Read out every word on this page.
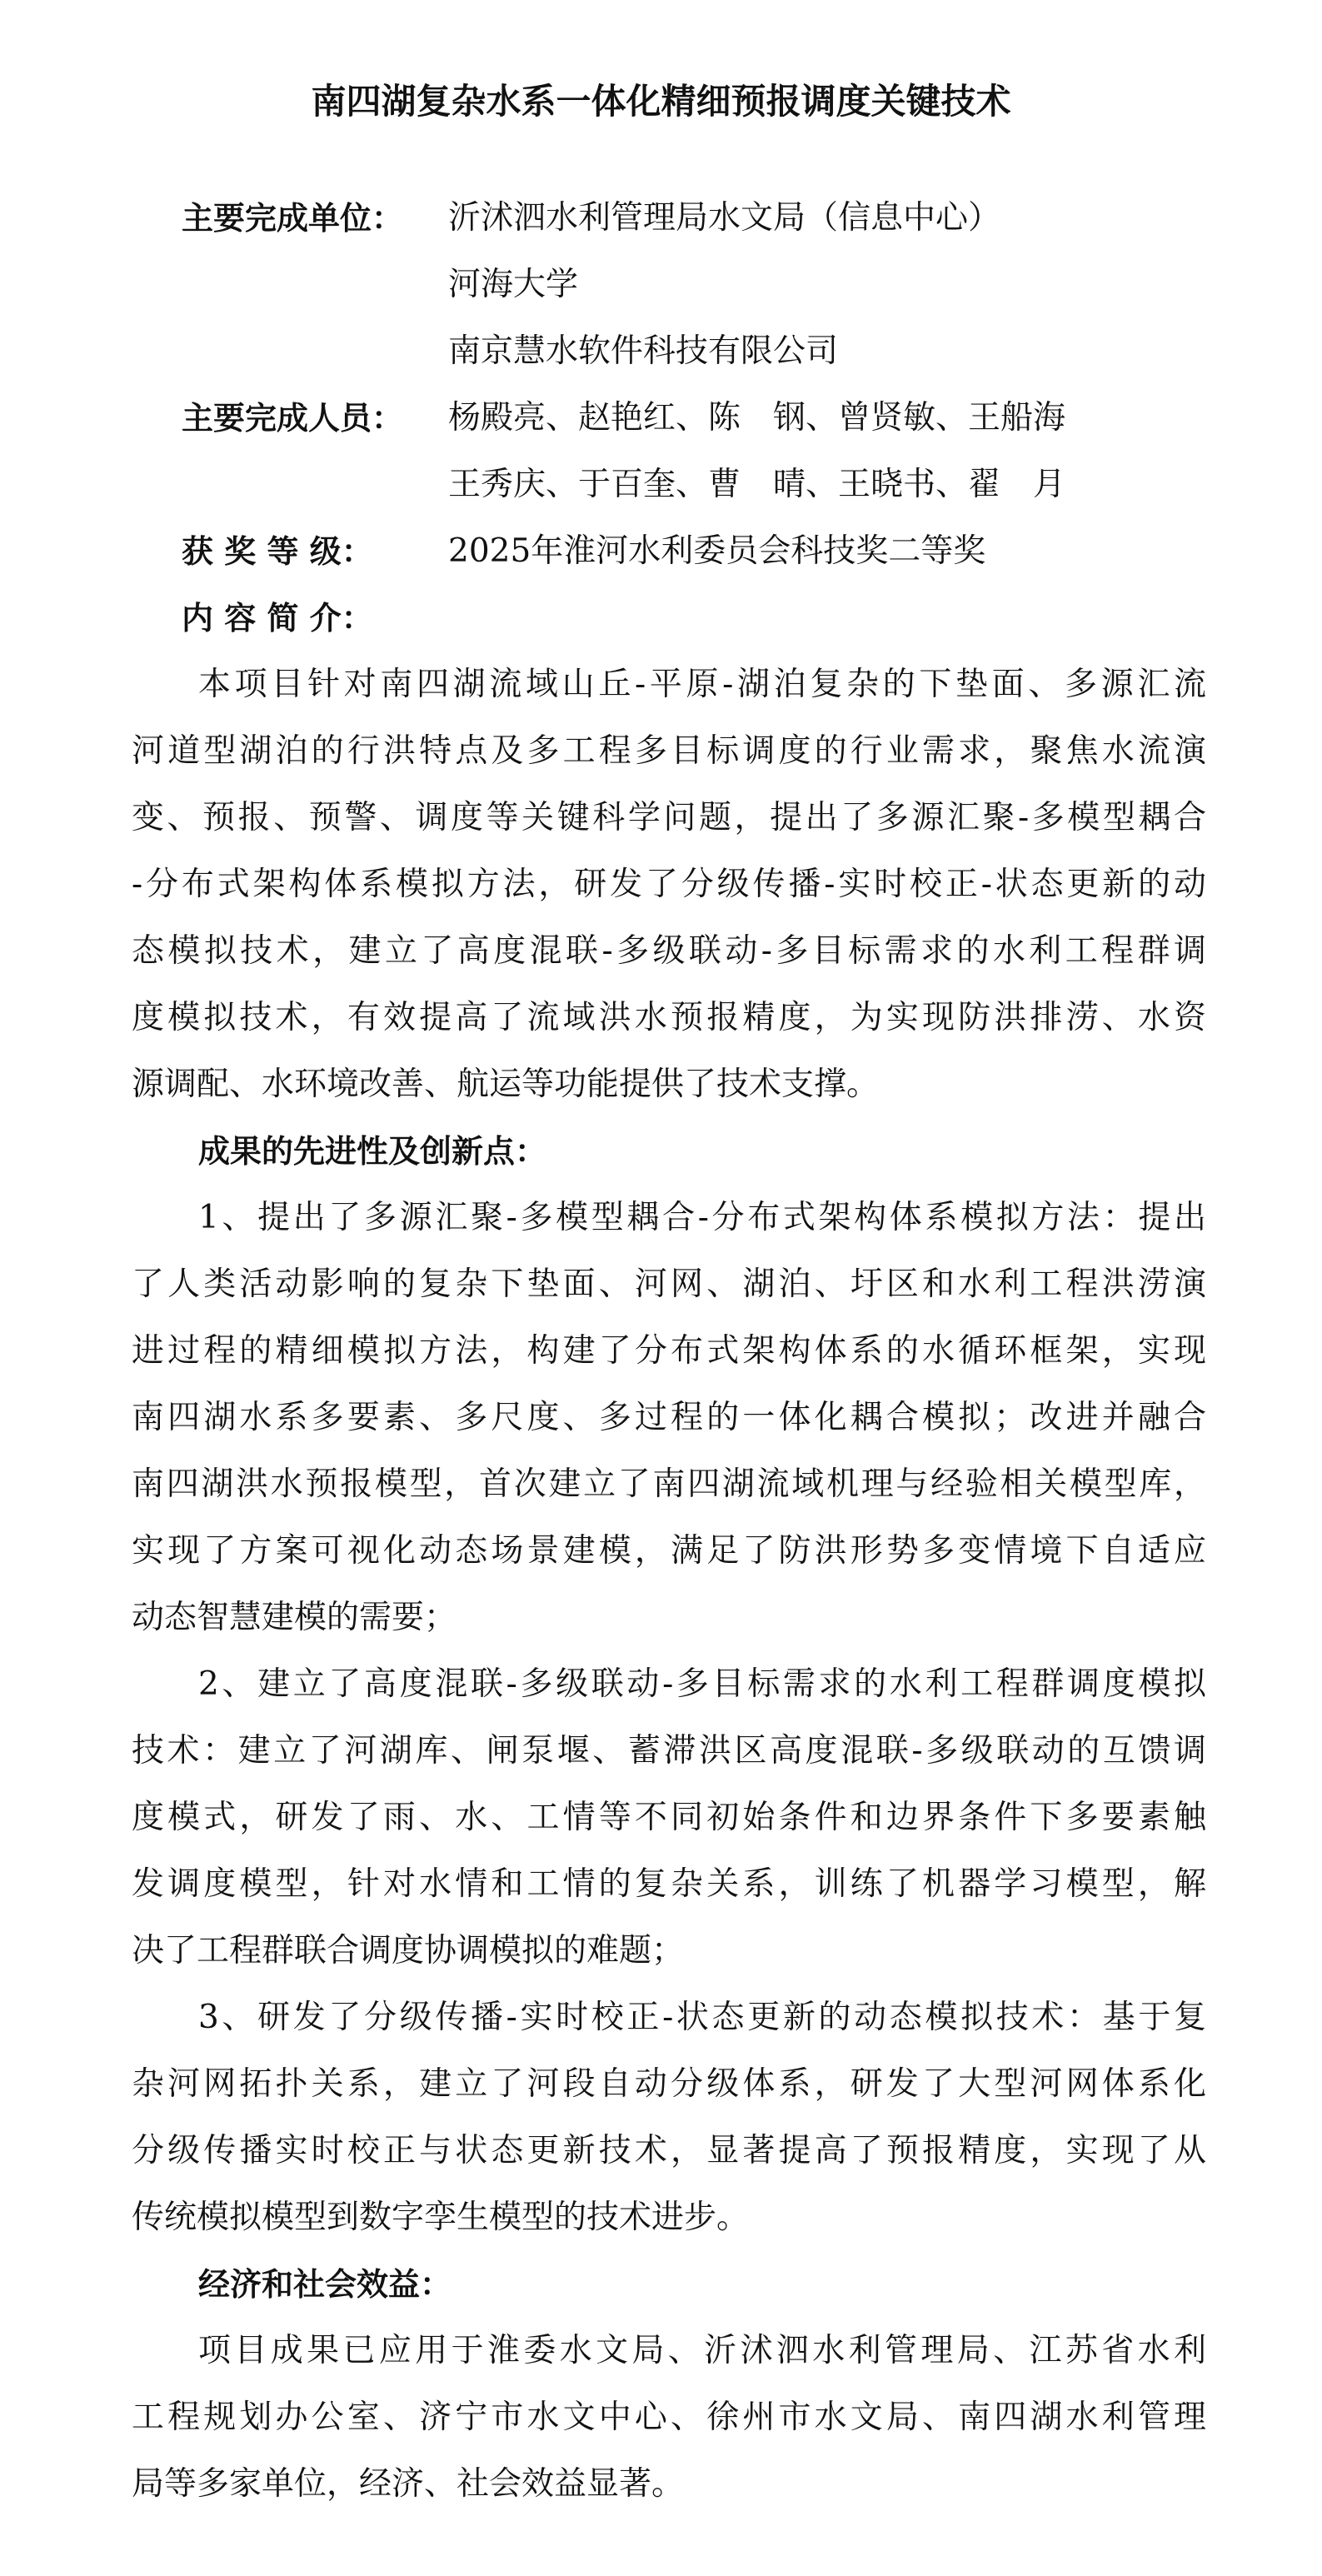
南四湖复杂水系一体化精细预报调度关键技术
主要完成单位：	沂沭泗水利管理局水文局（信息中心）
河海大学
南京慧水软件科技有限公司
主要完成人员：	杨殿亮、赵艳红、陈　钢、曾贤敏、王船海
王秀庆、于百奎、曹　晴、王晓书、翟　月
获 奖 等 级：	2025年淮河水利委员会科技奖二等奖
内 容 简 介：
本项目针对南四湖流域山丘-平原-湖泊复杂的下垫面、多源汇流
河道型湖泊的行洪特点及多工程多目标调度的行业需求，聚焦水流演
变、预报、预警、调度等关键科学问题，提出了多源汇聚-多模型耦合
-分布式架构体系模拟方法，研发了分级传播-实时校正-状态更新的动
态模拟技术，建立了高度混联-多级联动-多目标需求的水利工程群调
度模拟技术，有效提高了流域洪水预报精度，为实现防洪排涝、水资
源调配、水环境改善、航运等功能提供了技术支撑。
成果的先进性及创新点：
1、提出了多源汇聚-多模型耦合-分布式架构体系模拟方法：提出
了人类活动影响的复杂下垫面、河网、湖泊、圩区和水利工程洪涝演
进过程的精细模拟方法，构建了分布式架构体系的水循环框架，实现
南四湖水系多要素、多尺度、多过程的一体化耦合模拟；改进并融合
南四湖洪水预报模型，首次建立了南四湖流域机理与经验相关模型库，
实现了方案可视化动态场景建模，满足了防洪形势多变情境下自适应
动态智慧建模的需要；
2、建立了高度混联-多级联动-多目标需求的水利工程群调度模拟
技术：建立了河湖库、闸泵堰、蓄滞洪区高度混联-多级联动的互馈调
度模式，研发了雨、水、工情等不同初始条件和边界条件下多要素触
发调度模型，针对水情和工情的复杂关系，训练了机器学习模型，解
决了工程群联合调度协调模拟的难题；
3、研发了分级传播-实时校正-状态更新的动态模拟技术：基于复
杂河网拓扑关系，建立了河段自动分级体系，研发了大型河网体系化
分级传播实时校正与状态更新技术，显著提高了预报精度，实现了从
传统模拟模型到数字孪生模型的技术进步。
经济和社会效益：
项目成果已应用于淮委水文局、沂沭泗水利管理局、江苏省水利
工程规划办公室、济宁市水文中心、徐州市水文局、南四湖水利管理
局等多家单位，经济、社会效益显著。
